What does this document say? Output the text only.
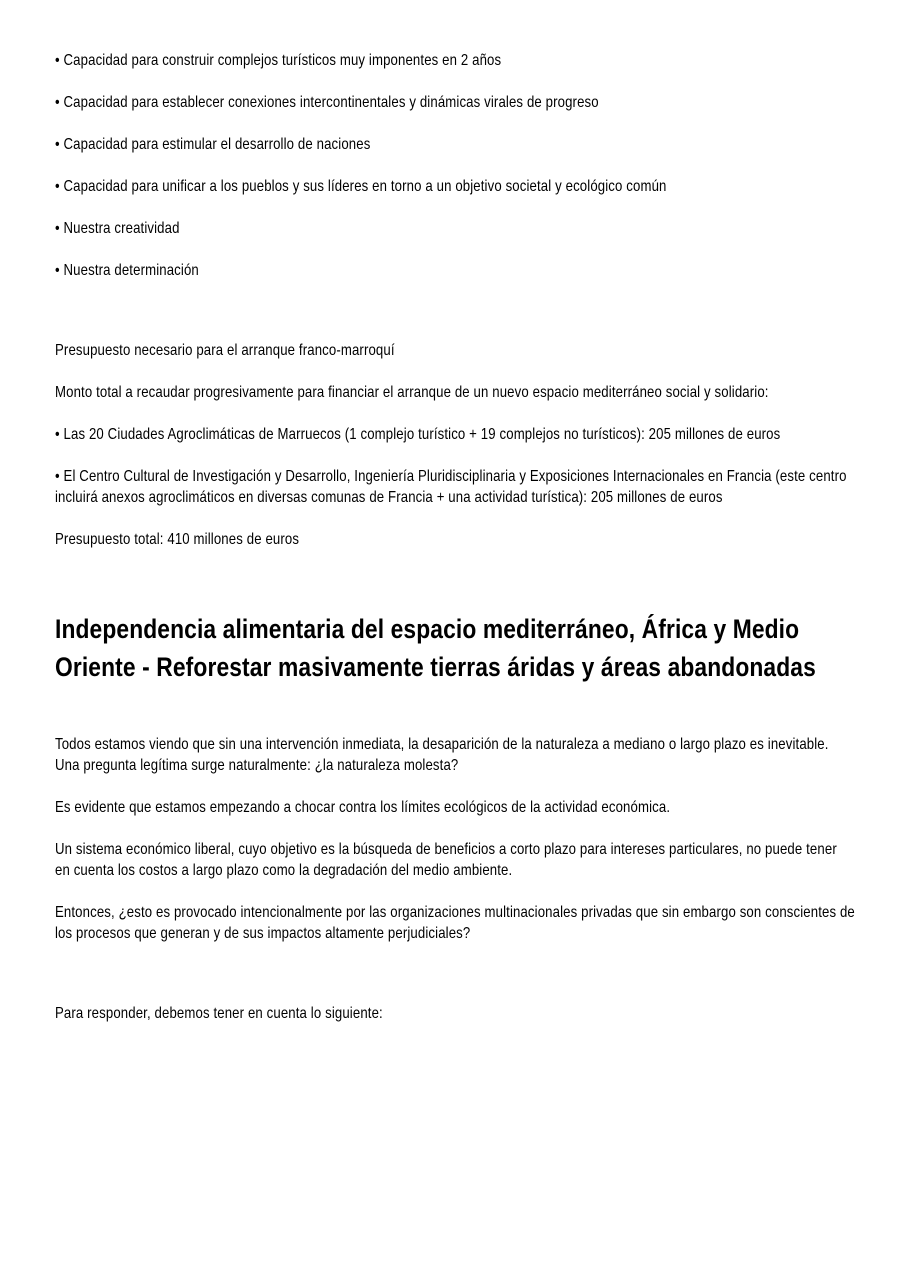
• Capacidad para construir complejos turísticos muy imponentes en 2 años

• Capacidad para establecer conexiones intercontinentales y dinámicas virales de progreso

• Capacidad para estimular el desarrollo de naciones

• Capacidad para unificar a los pueblos y sus líderes en torno a un objetivo societal y ecológico común

• Nuestra creatividad

• Nuestra determinación

Presupuesto necesario para el arranque franco-marroquí

Monto total a recaudar progresivamente para financiar el arranque de un nuevo espacio mediterráneo social y solidario:

• Las 20 Ciudades Agroclimáticas de Marruecos (1 complejo turístico + 19 complejos no turísticos): 205 millones de euros

• El Centro Cultural de Investigación y Desarrollo, Ingeniería Pluridisciplinaria y Exposiciones Internacionales en Francia (este centro incluirá anexos agroclimáticos en diversas comunas de Francia + una actividad turística): 205 millones de euros

Presupuesto total: 410 millones de euros

Independencia alimentaria del espacio mediterráneo, África y Medio Oriente - Reforestar masivamente tierras áridas y áreas abandonadas

Todos estamos viendo que sin una intervención inmediata, la desaparición de la naturaleza a mediano o largo plazo es inevitable. Una pregunta legítima surge naturalmente: ¿la naturaleza molesta?

Es evidente que estamos empezando a chocar contra los límites ecológicos de la actividad económica.

Un sistema económico liberal, cuyo objetivo es la búsqueda de beneficios a corto plazo para intereses particulares, no puede tener en cuenta los costos a largo plazo como la degradación del medio ambiente.

Entonces, ¿esto es provocado intencionalmente por las organizaciones multinacionales privadas que sin embargo son conscientes de los procesos que generan y de sus impactos altamente perjudiciales?

Para responder, debemos tener en cuenta lo siguiente:
